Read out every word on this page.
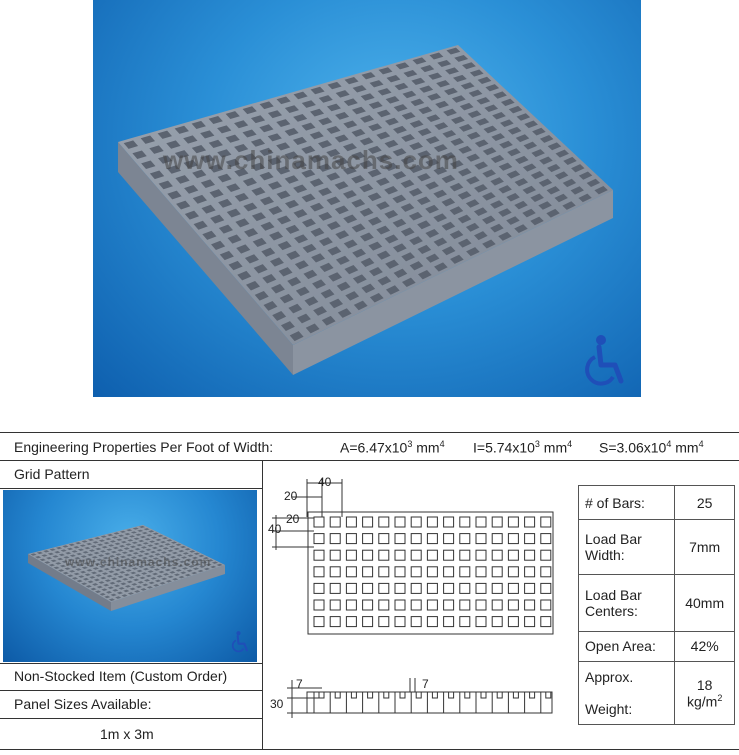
www.chinamachs.com
Engineering Properties Per Foot of Width:	$A=6.47x10^3$ $mm^4$ $I=5.74x10^3$ $mm^4$ $S=3.06x10^4$ $mm^4$
Grid Pattern
www.chinamachs.com
Non-Stocked Item (Custom Order)
Panel Sizes Available:
1m x 3m
40
20
20
40
7	7
30
# of Bars:	25
Load Bar
Width:	7mm
Load Bar
Centers:	40mm
Open Area:	42%
Approx.

Weight:	18
$kg/m^2$
